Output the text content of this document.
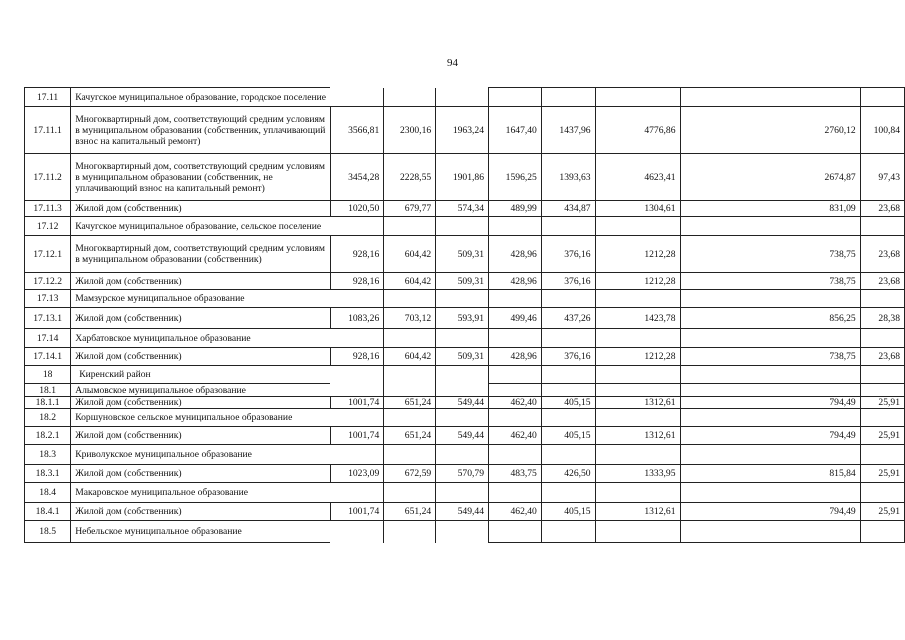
94
17.11	Качугское муниципальное образование, городское поселение								
17.11.1	Многоквартирный дом, соответствующий средним условиям в муниципальном образовании (собственник, уплачивающий взнос на капитальный ремонт)	3566,81	2300,16	1963,24	1647,40	1437,96	4776,86	2760,12	100,84
17.11.2	Многоквартирный дом, соответствующий средним условиям в муниципальном образовании (собственник, не уплачивающий взнос на капитальный ремонт)	3454,28	2228,55	1901,86	1596,25	1393,63	4623,41	2674,87	97,43
17.11.3	Жилой дом (собственник)	1020,50	679,77	574,34	489,99	434,87	1304,61	831,09	23,68
17.12	Качугское муниципальное образование, сельское поселение								
17.12.1	Многоквартирный дом, соответствующий средним условиям в муниципальном образовании (собственник)	928,16	604,42	509,31	428,96	376,16	1212,28	738,75	23,68
17.12.2	Жилой дом (собственник)	928,16	604,42	509,31	428,96	376,16	1212,28	738,75	23,68
17.13	Мамзурское муниципальное образование								
17.13.1	Жилой дом (собственник)	1083,26	703,12	593,91	499,46	437,26	1423,78	856,25	28,38
17.14	Харбатовское муниципальное образование								
17.14.1	Жилой дом (собственник)	928,16	604,42	509,31	428,96	376,16	1212,28	738,75	23,68
18	Киренский район								
18.1	Алымовское муниципальное образование								
18.1.1	Жилой дом (собственник)	1001,74	651,24	549,44	462,40	405,15	1312,61	794,49	25,91
18.2	Коршуновское сельское муниципальное образование								
18.2.1	Жилой дом (собственник)	1001,74	651,24	549,44	462,40	405,15	1312,61	794,49	25,91
18.3	Криволукское муниципальное образование								
18.3.1	Жилой дом (собственник)	1023,09	672,59	570,79	483,75	426,50	1333,95	815,84	25,91
18.4	Макаровское муниципальное образование								
18.4.1	Жилой дом (собственник)	1001,74	651,24	549,44	462,40	405,15	1312,61	794,49	25,91
18.5	Небельское муниципальное образование								
